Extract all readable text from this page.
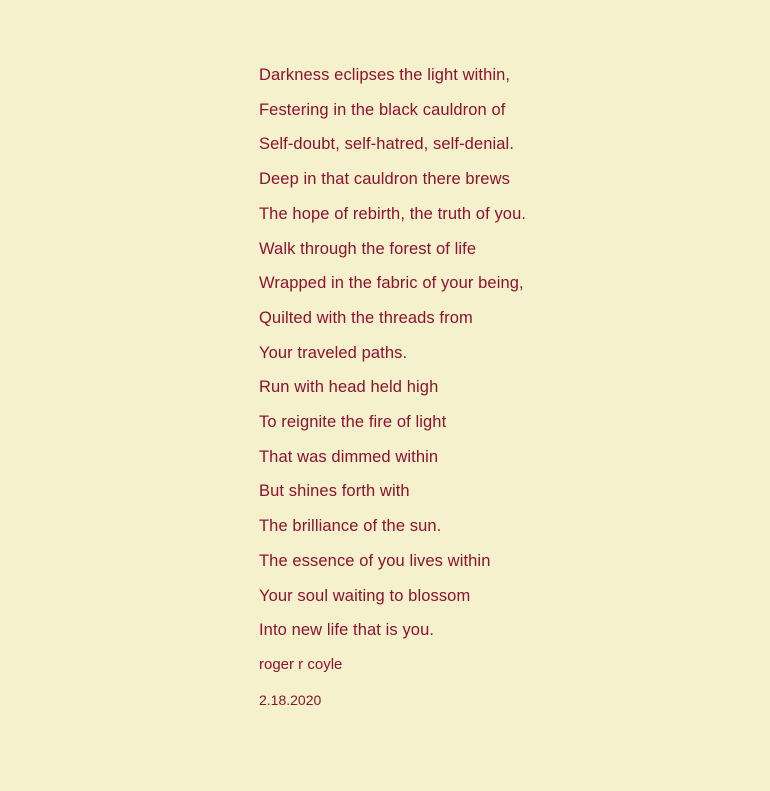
Darkness eclipses the light within,
Festering in the black cauldron of
Self-doubt, self-hatred, self-denial.
Deep in that cauldron there brews
The hope of rebirth, the truth of you.
Walk through the forest of life
Wrapped in the fabric of your being,
Quilted with the threads from
Your traveled paths.
Run with head held high
To reignite the fire of light
That was dimmed within
But shines forth with
The brilliance of the sun.
The essence of you lives within
Your soul waiting to blossom
Into new life that is you.
roger r coyle
2.18.2020
